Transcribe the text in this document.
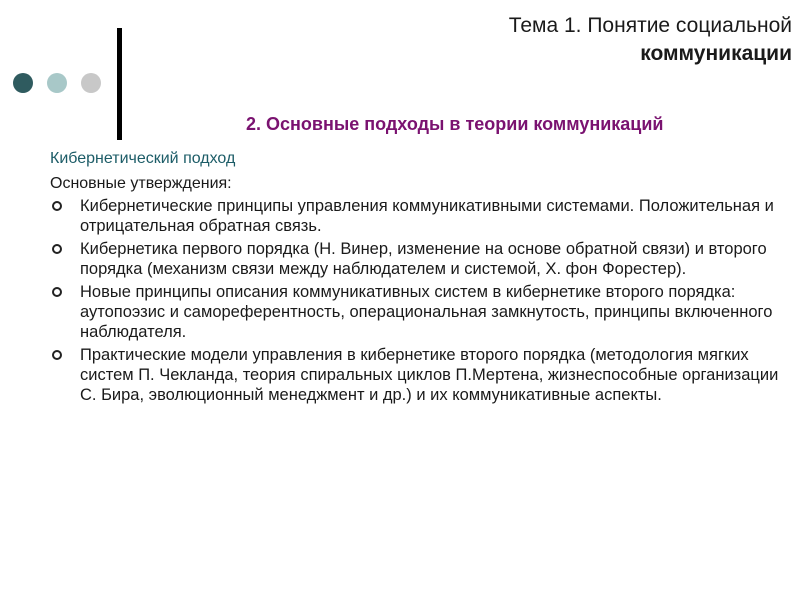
Тема 1. Понятие социальной
коммуникации
2. Основные подходы в теории коммуникаций
Кибернетический подход
Основные утверждения:
Кибернетические принципы управления коммуникативными системами. Положительная и отрицательная обратная связь.
Кибернетика первого порядка (Н. Винер, изменение на основе обратной связи) и второго порядка (механизм связи между наблюдателем и системой, Х. фон Форестер).
Новые принципы описания коммуникативных систем в кибернетике второго порядка: аутопоэзис и самореферентность, операциональная замкнутость, принципы включенного наблюдателя.
Практические модели управления в кибернетике второго порядка (методология мягких систем П. Чекланда, теория спиральных циклов П.Мертена, жизнеспособные организации С. Бира, эволюционный менеджмент и др.) и их коммуникативные аспекты.
